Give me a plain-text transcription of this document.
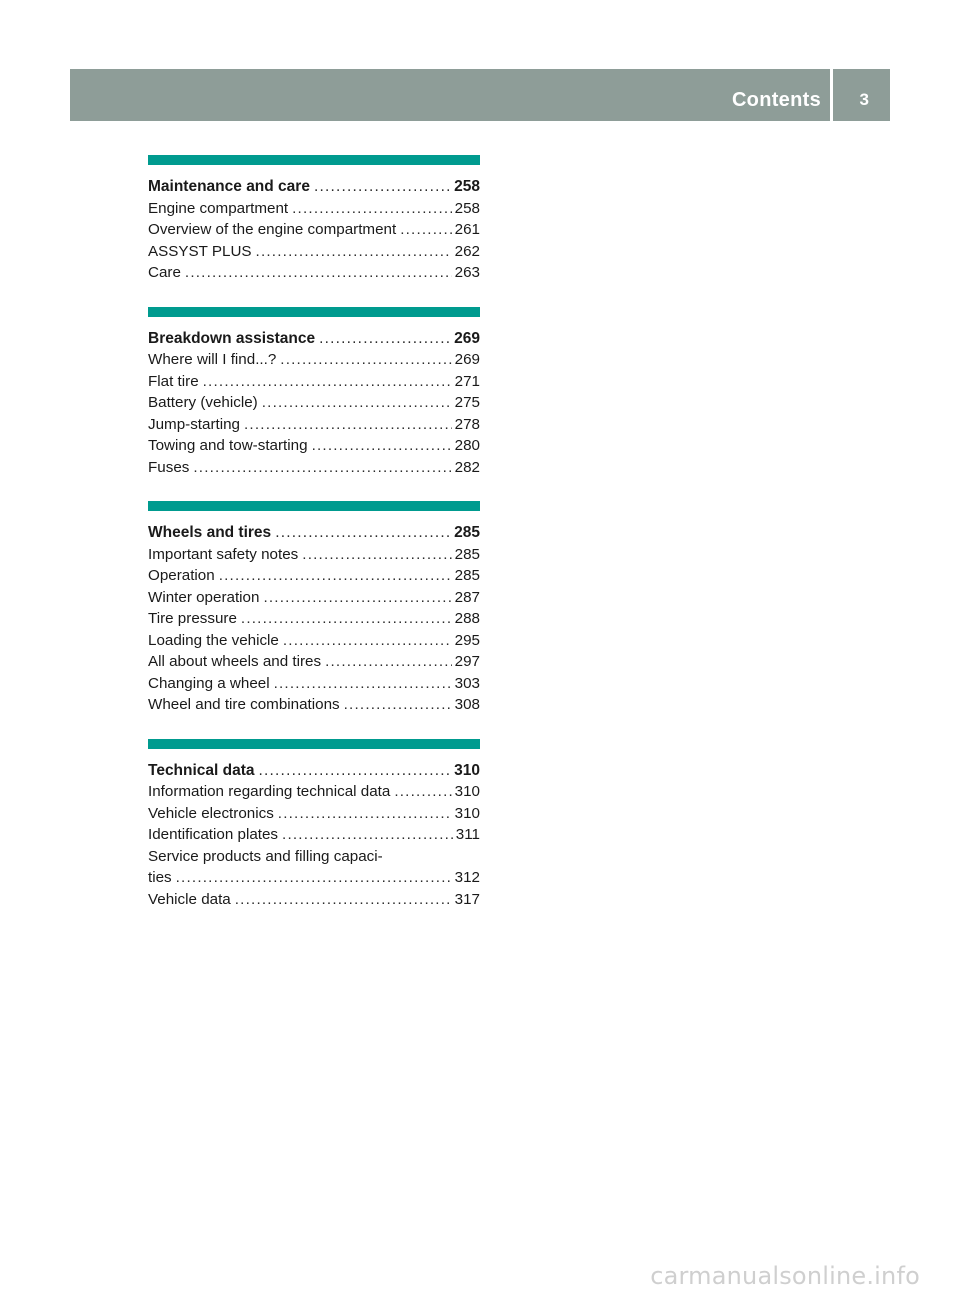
Contents 3
Maintenance and care .....	258
Engine compartment .....	258
Overview of the engine compartment .....	261
ASSYST PLUS .....	262
Care .....	263
Breakdown assistance .....	269
Where will I find...? .....	269
Flat tire .....	271
Battery (vehicle) .....	275
Jump-starting .....	278
Towing and tow-starting .....	280
Fuses .....	282
Wheels and tires .....	285
Important safety notes .....	285
Operation .....	285
Winter operation .....	287
Tire pressure .....	288
Loading the vehicle .....	295
All about wheels and tires .....	297
Changing a wheel .....	303
Wheel and tire combinations .....	308
Technical data .....	310
Information regarding technical data .....	310
Vehicle electronics .....	310
Identification plates .....	311
Service products and filling capaci-
ties .....	312
Vehicle data .....	317
carmanualsonline.info
